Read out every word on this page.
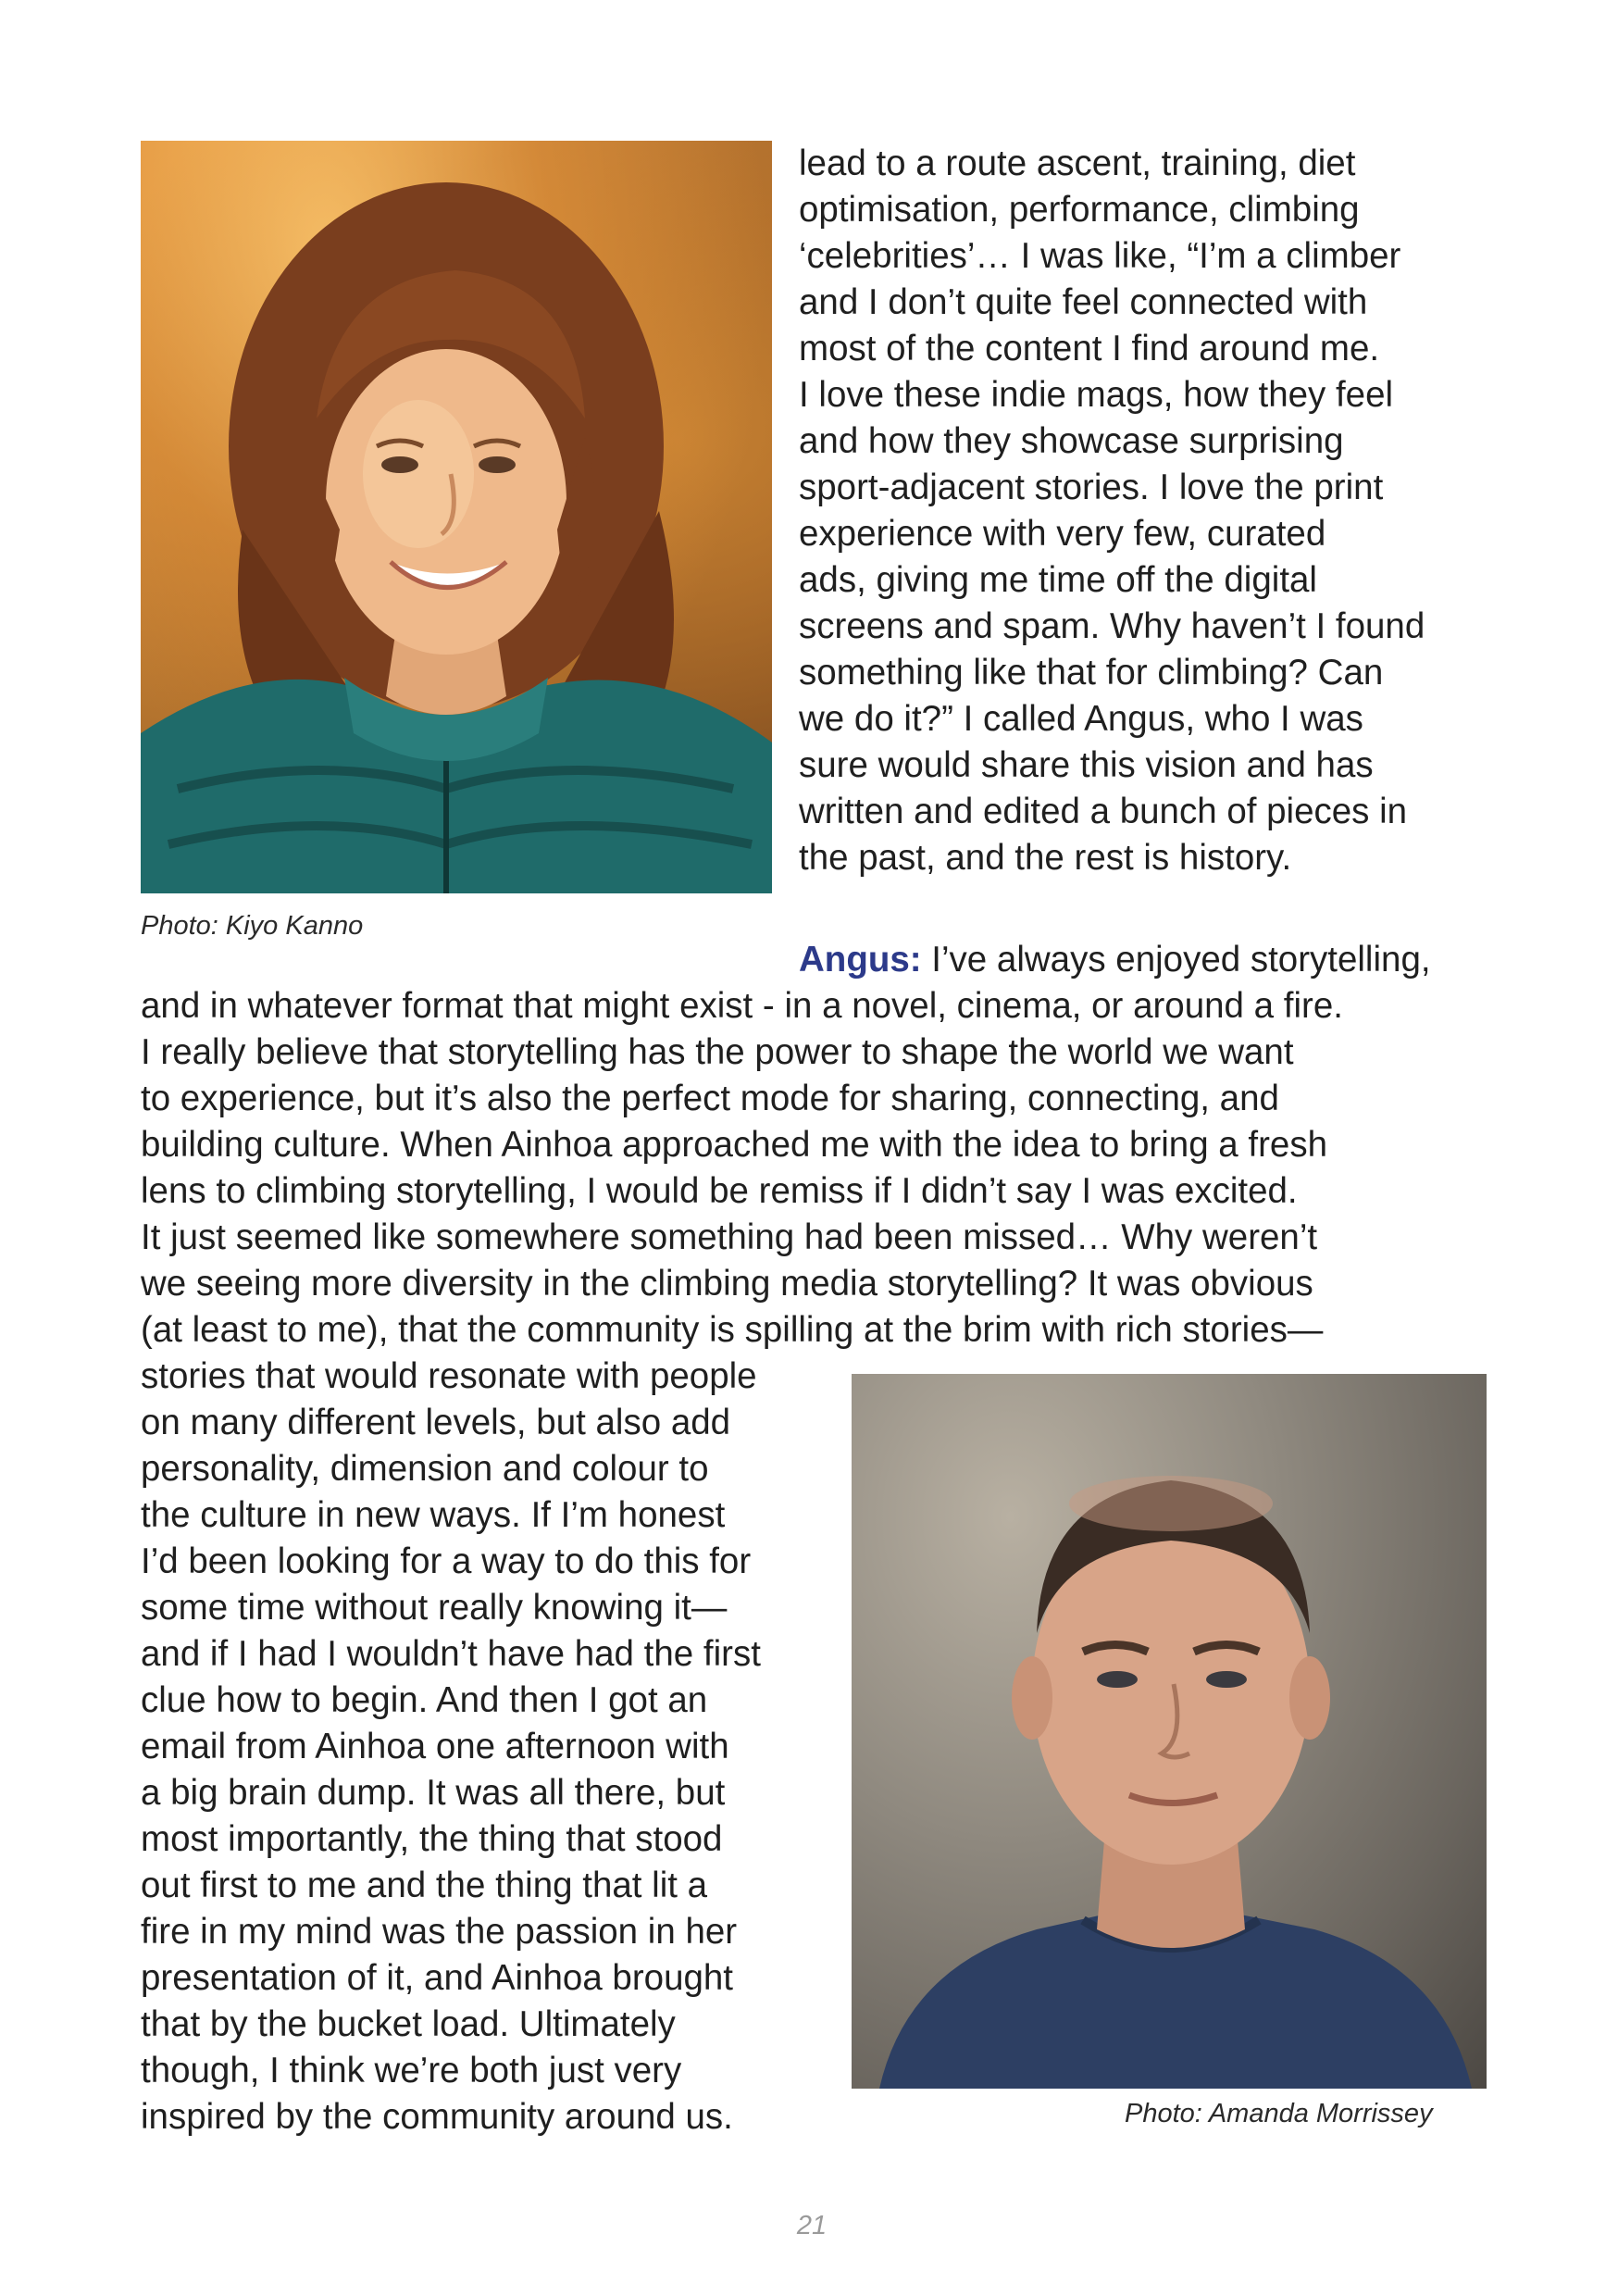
lead to a route ascent, training, diet
optimisation, performance, climbing
‘celebrities’… I was like, “I’m a climber
and I don’t quite feel connected with
most of the content I find around me.
I love these indie mags, how they feel
and how they showcase surprising
sport-adjacent stories. I love the print
experience with very few, curated
ads, giving me time off the digital
screens and spam. Why haven’t I found
something like that for climbing? Can
we do it?” I called Angus, who I was
sure would share this vision and has
written and edited a bunch of pieces in
the past, and the rest is history.
Photo: Kiyo Kanno
Angus: I’ve always enjoyed storytelling,
and in whatever format that might exist - in a novel, cinema, or around a fire.
I really believe that storytelling has the power to shape the world we want
to experience, but it’s also the perfect mode for sharing, connecting, and
building culture. When Ainhoa approached me with the idea to bring a fresh
lens to climbing storytelling, I would be remiss if I didn’t say I was excited.
It just seemed like somewhere something had been missed… Why weren’t
we seeing more diversity in the climbing media storytelling? It was obvious
(at least to me), that the community is spilling at the brim with rich stories—
stories that would resonate with people
on many different levels, but also add
personality, dimension and colour to
the culture in new ways. If I’m honest
I’d been looking for a way to do this for
some time without really knowing it—
and if I had I wouldn’t have had the first
clue how to begin. And then I got an
email from Ainhoa one afternoon with
a big brain dump. It was all there, but
most importantly, the thing that stood
out first to me and the thing that lit a
fire in my mind was the passion in her
presentation of it, and Ainhoa brought
that by the bucket load. Ultimately
though, I think we’re both just very
inspired by the community around us.	Photo: Amanda Morrissey
21
